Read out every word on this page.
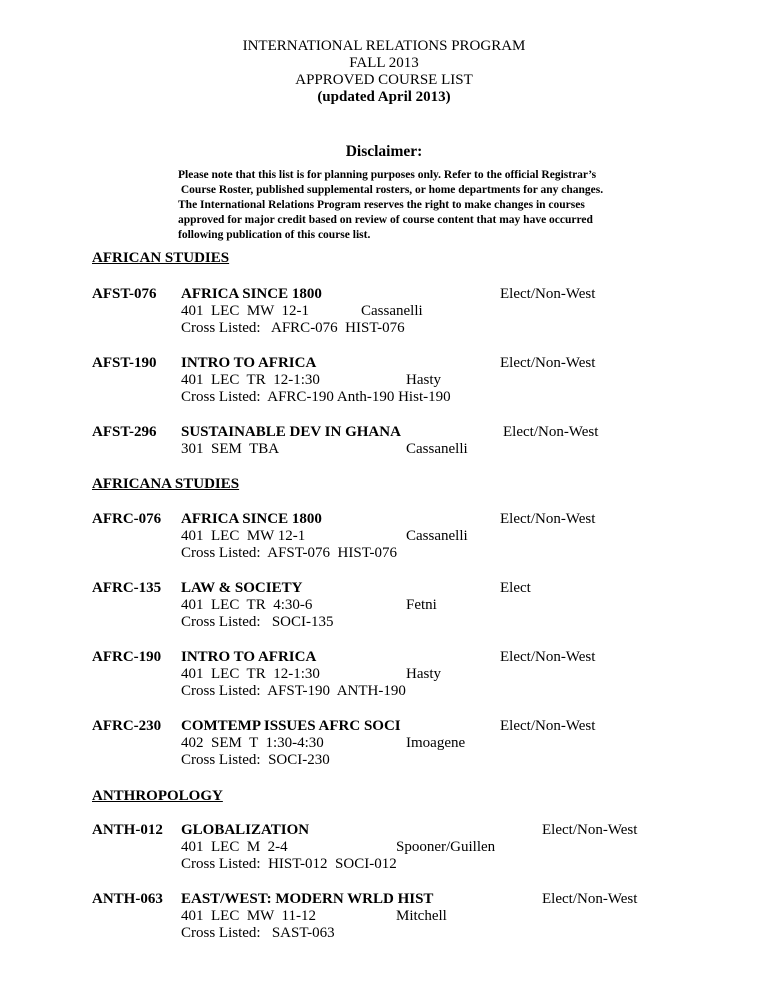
INTERNATIONAL RELATIONS PROGRAM
FALL 2013
APPROVED COURSE LIST
(updated April 2013)
Disclaimer:
Please note that this list is for planning purposes only. Refer to the official Registrar’s
Course Roster, published supplemental rosters, or home departments for any changes.
The International Relations Program reserves the right to make changes in courses
approved for major credit based on review of course content that may have occurred
following publication of this course list.
AFRICAN STUDIES
AFST-076 AFRICA SINCE 1800
401  LEC  MW  12-1
Cross Listed:   AFRC-076  HIST-076
Cassanelli
Elect/Non-West
AFST-190 INTRO TO AFRICA
401  LEC  TR  12-1:30
Cross Listed:  AFRC-190 Anth-190 Hist-190
Hasty
Elect/Non-West
AFST-296 SUSTAINABLE DEV IN GHANA
301  SEM  TBA	Cassanelli
Elect/Non-West
AFRICANA STUDIES
AFRC-076 AFRICA SINCE 1800
401  LEC  MW 12-1
Cross Listed:  AFST-076  HIST-076
Cassanelli
Elect/Non-West
AFRC-135 LAW & SOCIETY
401  LEC  TR  4:30-6
Cross Listed:   SOCI-135
Fetni
Elect
AFRC-190 INTRO TO AFRICA
401  LEC  TR  12-1:30
Cross Listed:  AFST-190  ANTH-190
Hasty
Elect/Non-West
AFRC-230 COMTEMP ISSUES AFRC SOCI
402  SEM  T  1:30-4:30
Cross Listed:  SOCI-230
Imoagene
Elect/Non-West
ANTHROPOLOGY
ANTH-012 GLOBALIZATION
401  LEC  M  2-4
Cross Listed:  HIST-012  SOCI-012
Spooner/Guillen
Elect/Non-West
ANTH-063 EAST/WEST: MODERN WRLD HIST
401  LEC  MW  11-12
Cross Listed:   SAST-063
Mitchell
Elect/Non-West
